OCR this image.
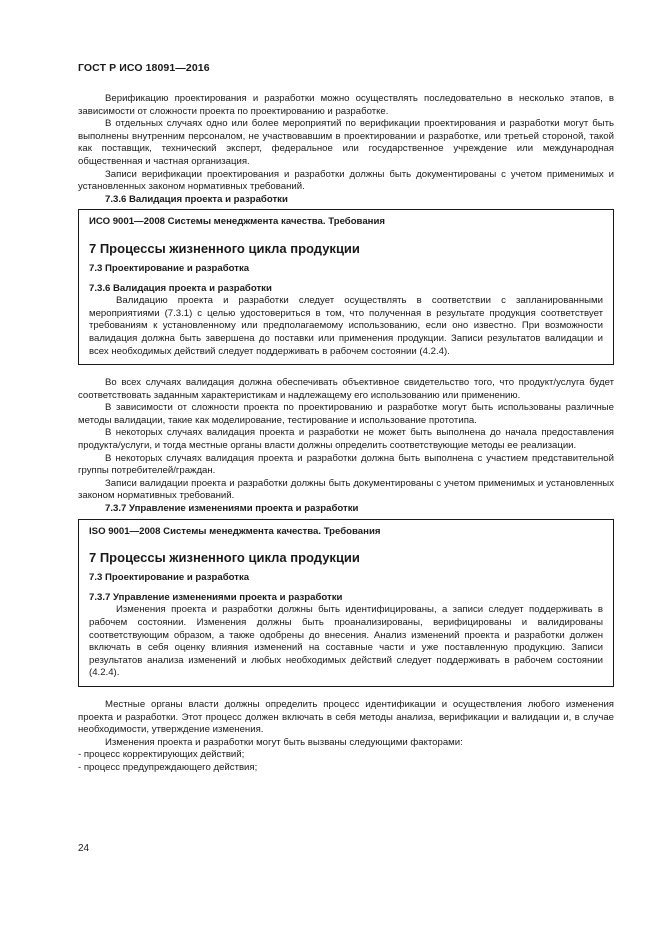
ГОСТ Р ИСО 18091—2016

Верификацию проектирования и разработки можно осуществлять последовательно в несколько этапов, в зависимости от сложности проекта по проектированию и разработке.

В отдельных случаях одно или более мероприятий по верификации проектирования и разработки могут быть выполнены внутренним персоналом, не участвовавшим в проектировании и разработке, или третьей стороной, такой как поставщик, технический эксперт, федеральное или государственное учреждение или международная общественная и частная организация.

Записи верификации проектирования и разработки должны быть документированы с учетом применимых и установленных законом нормативных требований.

7.3.6 Валидация проекта и разработки

ИСО 9001—2008 Системы менеджмента качества. Требования

7 Процессы жизненного цикла продукции

7.3 Проектирование и разработка

7.3.6 Валидация проекта и разработки

Валидацию проекта и разработки следует осуществлять в соответствии с запланированными мероприятиями (7.3.1) с целью удостовериться в том, что полученная в результате продукция соответствует требованиям к установленному или предполагаемому использованию, если оно известно. При возможности валидация должна быть завершена до поставки или применения продукции. Записи результатов валидации и всех необходимых действий следует поддерживать в рабочем состоянии (4.2.4).

Во всех случаях валидация должна обеспечивать объективное свидетельство того, что продукт/услуга будет соответствовать заданным характеристикам и надлежащему его использованию или применению.

В зависимости от сложности проекта по проектированию и разработке могут быть использованы различные методы валидации, такие как моделирование, тестирование и использование прототипа.

В некоторых случаях валидация проекта и разработки не может быть выполнена до начала предоставления продукта/услуги, и тогда местные органы власти должны определить соответствующие методы ее реализации.

В некоторых случаях валидация проекта и разработки должна быть выполнена с участием представительной группы потребителей/граждан.

Записи валидации проекта и разработки должны быть документированы с учетом применимых и установленных законом нормативных требований.

7.3.7 Управление изменениями проекта и разработки

ISO 9001—2008 Системы менеджмента качества. Требования

7 Процессы жизненного цикла продукции

7.3 Проектирование и разработка

7.3.7 Управление изменениями проекта и разработки

Изменения проекта и разработки должны быть идентифицированы, а записи следует поддерживать в рабочем состоянии. Изменения должны быть проанализированы, верифицированы и валидированы соответствующим образом, а также одобрены до внесения. Анализ изменений проекта и разработки должен включать в себя оценку влияния изменений на составные части и уже поставленную продукцию. Записи результатов анализа изменений и любых необходимых действий следует поддерживать в рабочем состоянии (4.2.4).

Местные органы власти должны определить процесс идентификации и осуществления любого изменения проекта и разработки. Этот процесс должен включать в себя методы анализа, верификации и валидации и, в случае необходимости, утверждение изменения.

Изменения проекта и разработки могут быть вызваны следующими факторами:

- процесс корректирующих действий;

- процесс предупреждающего действия;

24
